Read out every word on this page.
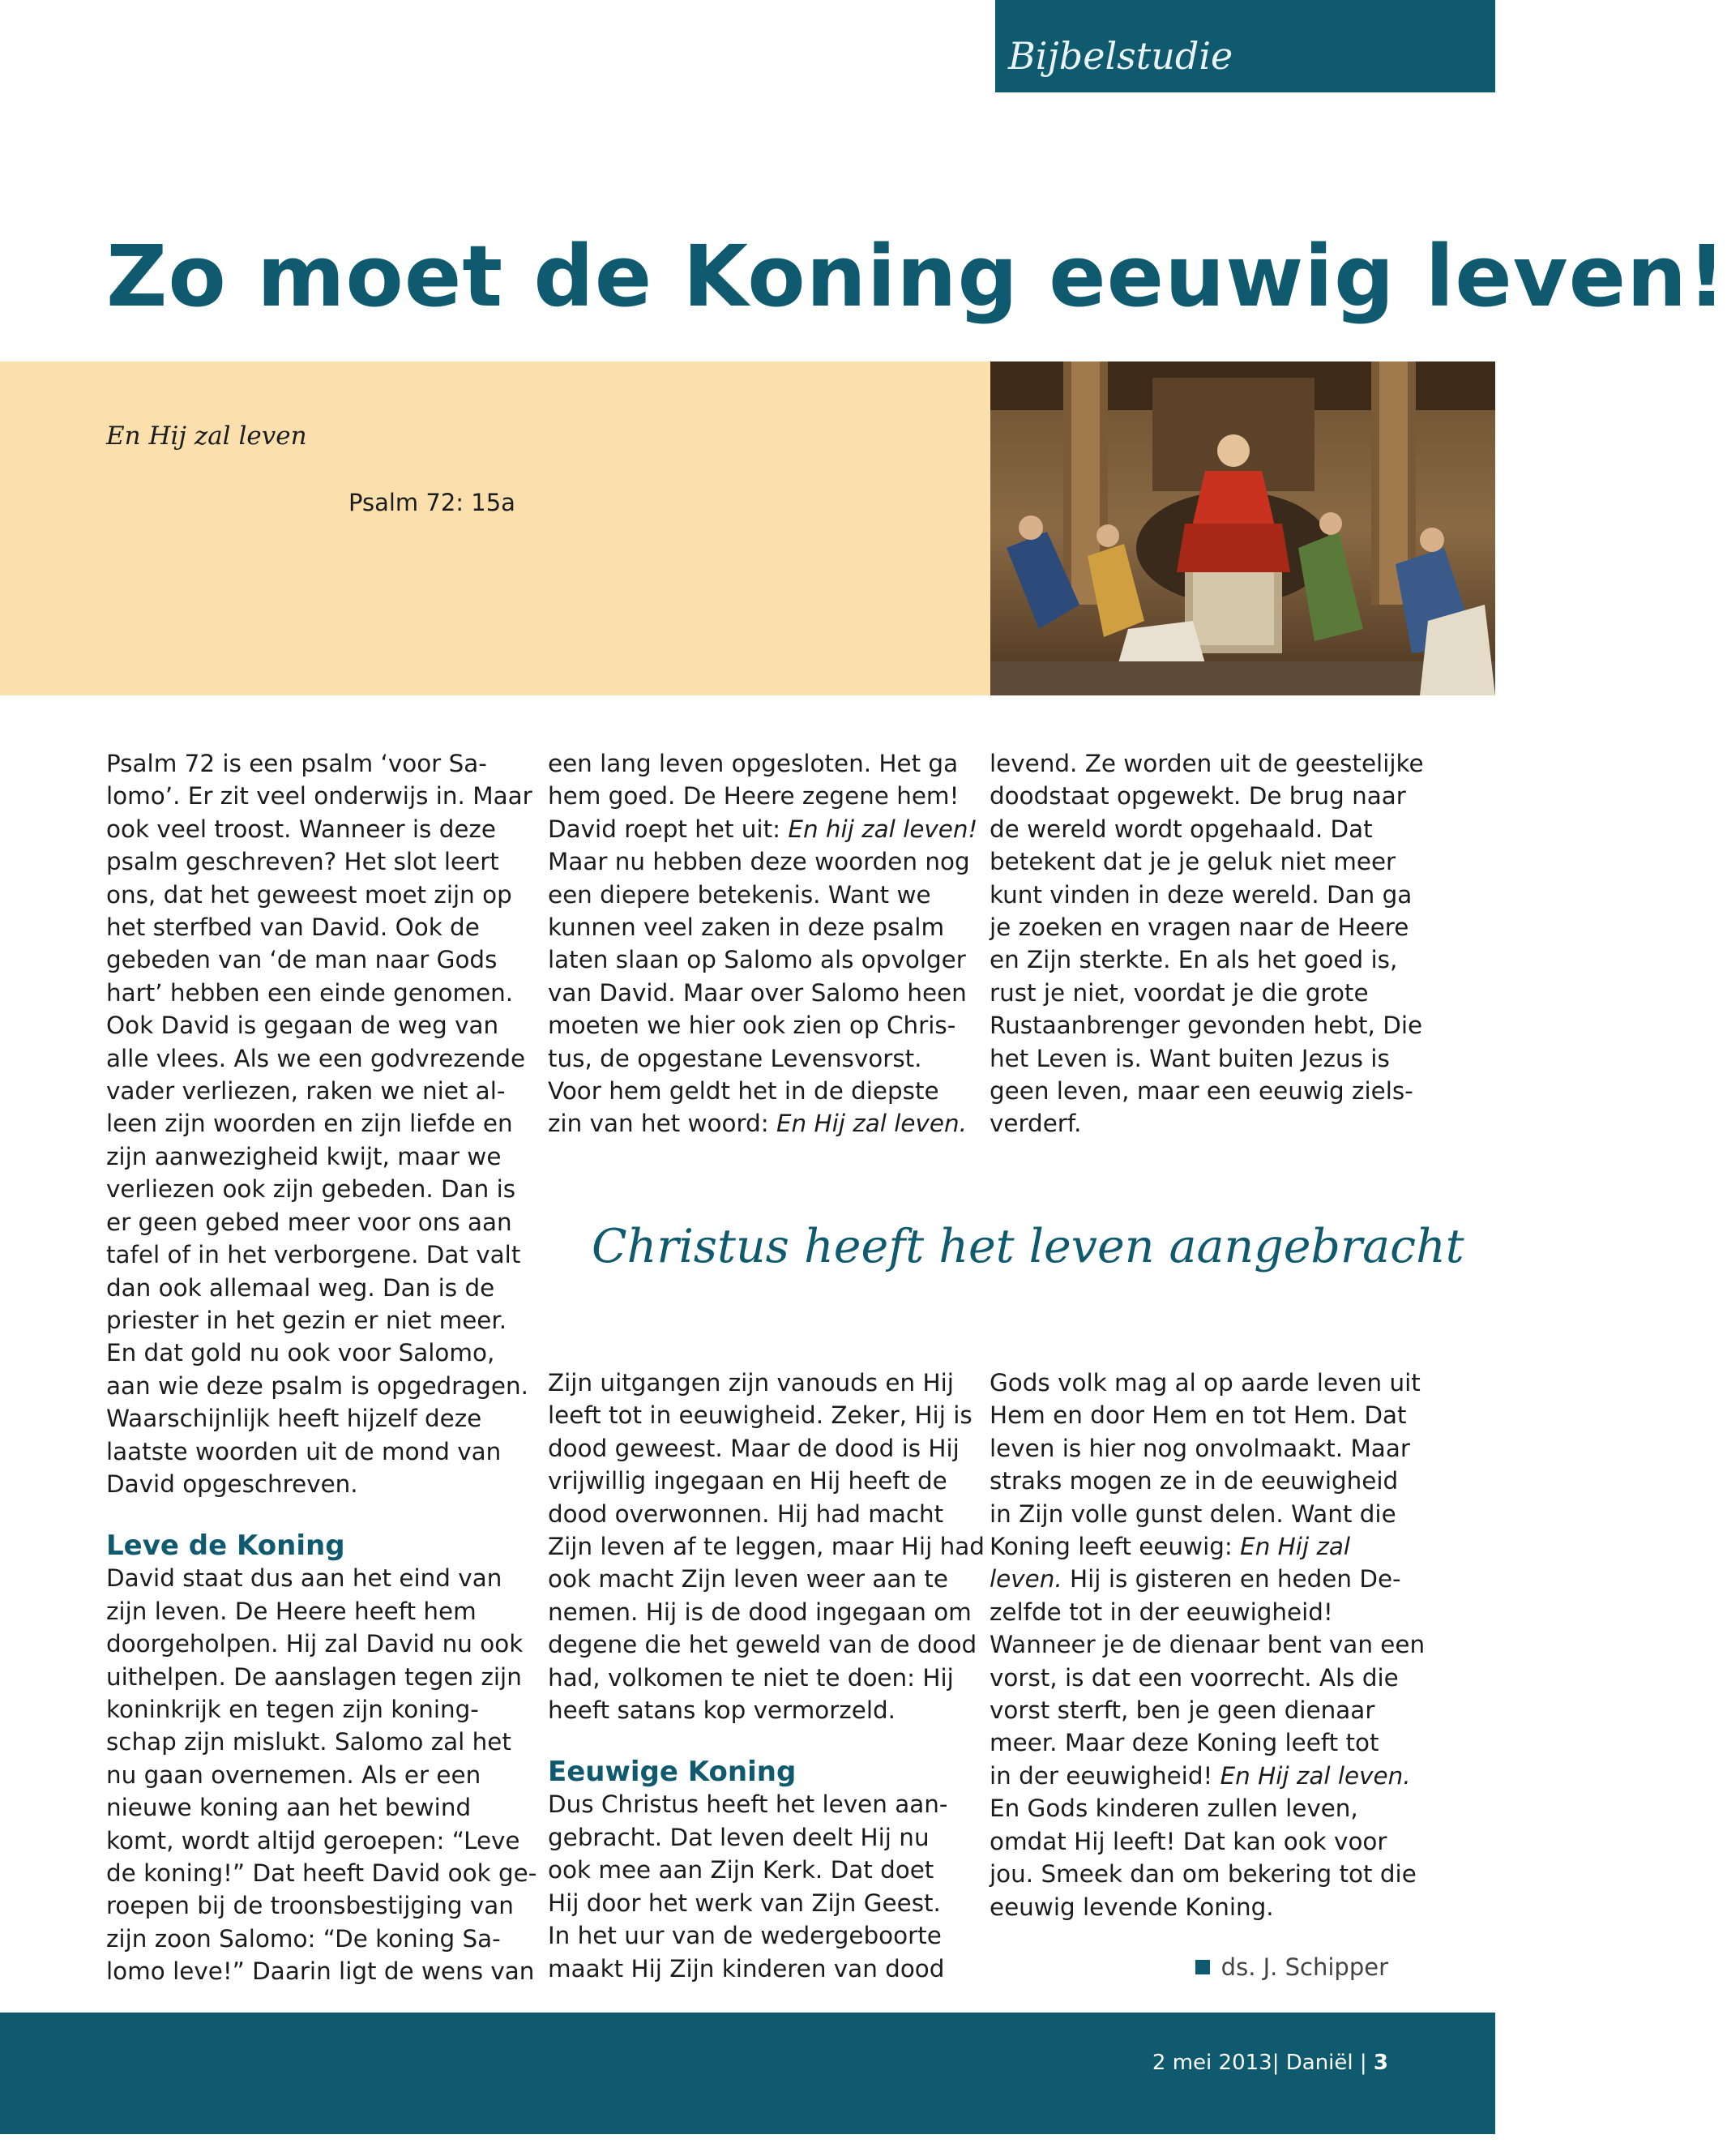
Bijbelstudie
Zo moet de Koning eeuwig leven!
En Hij zal leven
Psalm 72: 15a

Psalm 72 is een psalm ‘voor Sa-

lomo’. Er zit veel onderwijs in. Maar

ook veel troost. Wanneer is deze

psalm geschreven? Het slot leert

ons, dat het geweest moet zijn op

het sterfbed van David. Ook de

gebeden van ‘de man naar Gods

hart’ hebben een einde genomen.

Ook David is gegaan de weg van

alle vlees. Als we een godvrezende

vader verliezen, raken we niet al-

leen zijn woorden en zijn liefde en

zijn aanwezigheid kwijt, maar we

verliezen ook zijn gebeden. Dan is

er geen gebed meer voor ons aan

tafel of in het verborgene. Dat valt

dan ook allemaal weg. Dan is de

priester in het gezin er niet meer.

En dat gold nu ook voor Salomo,

aan wie deze psalm is opgedragen.

Waarschijnlijk heeft hijzelf deze

laatste woorden uit de mond van

David opgeschreven.

Leve de Koning

David staat dus aan het eind van

zijn leven. De Heere heeft hem

doorgeholpen. Hij zal David nu ook

uithelpen. De aanslagen tegen zijn

koninkrijk en tegen zijn koning-

schap zijn mislukt. Salomo zal het

nu gaan overnemen. Als er een

nieuwe koning aan het bewind

komt, wordt altijd geroepen: “Leve

de koning!” Dat heeft David ook ge-

roepen bij de troonsbestijging van

zijn zoon Salomo: “De koning Sa-

lomo leve!” Daarin ligt de wens van

een lang leven opgesloten. Het ga

hem goed. De Heere zegene hem!

David roept het uit: En hij zal leven!

Maar nu hebben deze woorden nog

een diepere betekenis. Want we

kunnen veel zaken in deze psalm

laten slaan op Salomo als opvolger

van David. Maar over Salomo heen

moeten we hier ook zien op Chris-

tus, de opgestane Levensvorst.

Voor hem geldt het in de diepste

zin van het woord: En Hij zal leven.

levend. Ze worden uit de geestelijke

doodstaat opgewekt. De brug naar

de wereld wordt opgehaald. Dat

betekent dat je je geluk niet meer

kunt vinden in deze wereld. Dan ga

je zoeken en vragen naar de Heere

en Zijn sterkte. En als het goed is,

rust je niet, voordat je die grote

Rustaanbrenger gevonden hebt, Die

het Leven is. Want buiten Jezus is

geen leven, maar een eeuwig ziels-

verderf.

Christus heeft het leven aangebracht

Zijn uitgangen zijn vanouds en Hij

leeft tot in eeuwigheid. Zeker, Hij is

dood geweest. Maar de dood is Hij

vrijwillig ingegaan en Hij heeft de

dood overwonnen. Hij had macht

Zijn leven af te leggen, maar Hij had

ook macht Zijn leven weer aan te

nemen. Hij is de dood ingegaan om

degene die het geweld van de dood

had, volkomen te niet te doen: Hij

heeft satans kop vermorzeld.

Eeuwige Koning

Dus Christus heeft het leven aan-

gebracht. Dat leven deelt Hij nu

ook mee aan Zijn Kerk. Dat doet

Hij door het werk van Zijn Geest.

In het uur van de wedergeboorte

maakt Hij Zijn kinderen van dood

Gods volk mag al op aarde leven uit

Hem en door Hem en tot Hem. Dat

leven is hier nog onvolmaakt. Maar

straks mogen ze in de eeuwigheid

in Zijn volle gunst delen. Want die

Koning leeft eeuwig: En Hij zal

leven. Hij is gisteren en heden De-

zelfde tot in der eeuwigheid!

Wanneer je de dienaar bent van een

vorst, is dat een voorrecht. Als die

vorst sterft, ben je geen dienaar

meer. Maar deze Koning leeft tot

in der eeuwigheid! En Hij zal leven.

En Gods kinderen zullen leven,

omdat Hij leeft! Dat kan ook voor

jou. Smeek dan om bekering tot die

eeuwig levende Koning.

ds. J. Schipper
2 mei 2013| Daniël | 3
